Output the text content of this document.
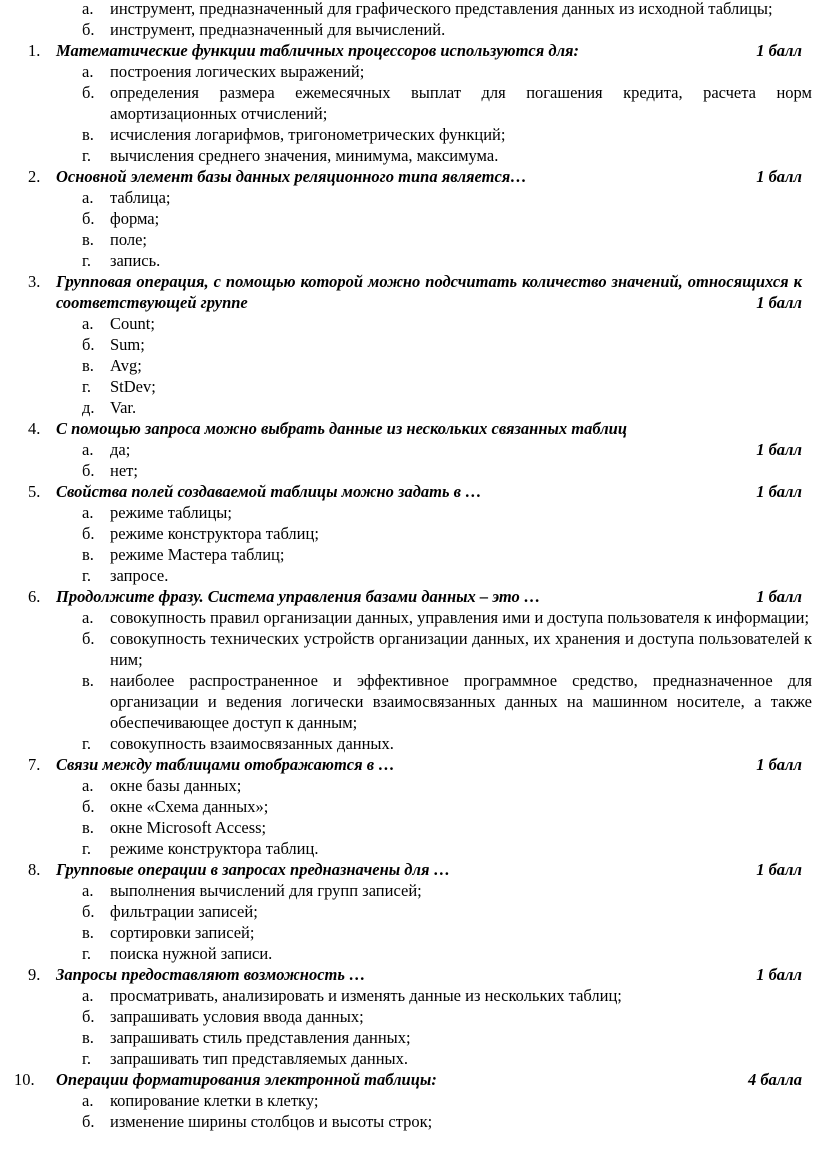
а. инструмент, предназначенный для графического представления данных из исходной таблицы;
б. инструмент, предназначенный для вычислений.
1. Математические функции табличных процессоров используются для:	1 балл
а. построения логических выражений;
б. определения размера ежемесячных выплат для погашения кредита, расчета норм амортизационных отчислений;
в. исчисления логарифмов, тригонометрических функций;
г. вычисления среднего значения, минимума, максимума.
2. Основной элемент базы данных реляционного типа является…	1 балл
а. таблица;
б. форма;
в. поле;
г. запись.
3. Групповая операция, с помощью которой можно подсчитать количество значений, относящихся к соответствующей группе	1 балл
а. Count;
б. Sum;
в. Avg;
г. StDev;
д. Var.
4. С помощью запроса можно выбрать данные из нескольких связанных таблиц
а. да;	1 балл
б. нет;
5. Свойства полей создаваемой таблицы можно задать в …	1 балл
а. режиме таблицы;
б. режиме конструктора таблиц;
в. режиме Мастера таблиц;
г. запросе.
6. Продолжите фразу. Система управления базами данных – это …	1 балл
а. совокупность правил организации данных, управления ими и доступа пользователя к информации;
б. совокупность технических устройств организации данных, их хранения и доступа пользователей к ним;
в. наиболее распространенное и эффективное программное средство, предназначенное для организации и ведения логически взаимосвязанных данных на машинном носителе, а также обеспечивающее доступ к данным;
г. совокупность взаимосвязанных данных.
7. Связи между таблицами отображаются в …	1 балл
а. окне базы данных;
б. окне «Схема данных»;
в. окне Microsoft Access;
г. режиме конструктора таблиц.
8. Групповые операции в запросах предназначены для …	1 балл
а. выполнения вычислений для групп записей;
б. фильтрации записей;
в. сортировки записей;
г. поиска нужной записи.
9. Запросы предоставляют возможность …	1 балл
а. просматривать, анализировать и изменять данные из нескольких таблиц;
б. запрашивать условия ввода данных;
в. запрашивать стиль представления данных;
г. запрашивать тип представляемых данных.
10. Операции форматирования электронной таблицы:	4 балла
а. копирование клетки в клетку;
б. изменение ширины столбцов и высоты строк;
